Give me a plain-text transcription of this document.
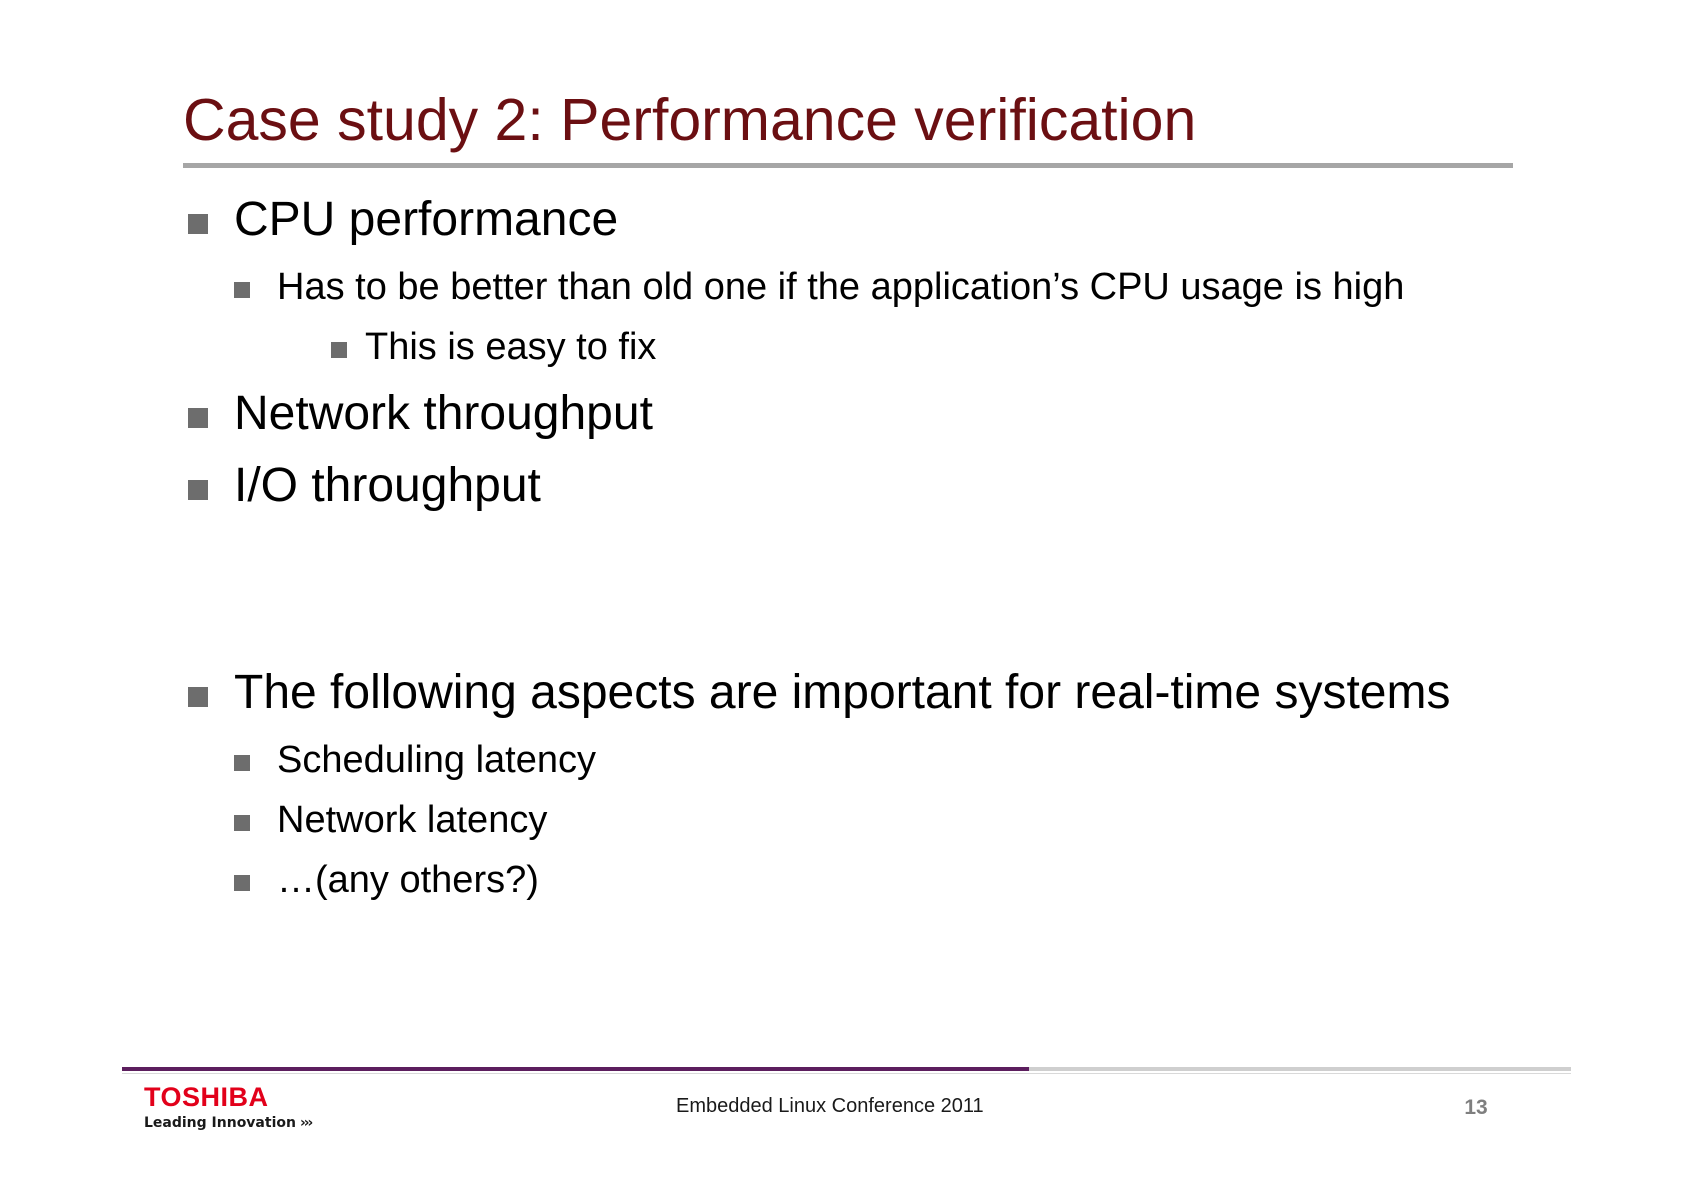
Case study 2: Performance verification
CPU performance
Has to be better than old one if the application’s CPU usage is high
This is easy to fix
Network throughput
I/O throughput
The following aspects are important for real-time systems
Scheduling latency
Network latency
…(any others?)
TOSHIBA
Leading Innovation ›››
Embedded Linux Conference 2011	13
